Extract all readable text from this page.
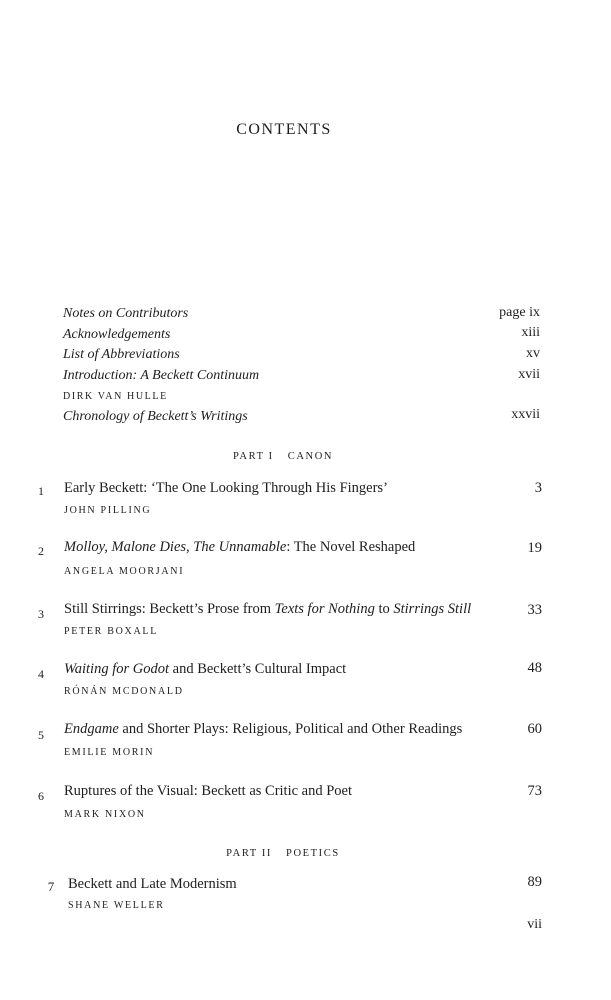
CONTENTS
Notes on Contributors	page ix
Acknowledgements	xiii
List of Abbreviations	xv
Introduction: A Beckett Continuum	xvii
DIRK VAN HULLE
Chronology of Beckett’s Writings	xxvii
PART I CANON
1	Early Beckett: ‘The One Looking Through His Fingers’	3
JOHN PILLING
2	Molloy, Malone Dies, The Unnamable: The Novel Reshaped	19
ANGELA MOORJANI
3	Still Stirrings: Beckett’s Prose from Texts for Nothing to Stirrings Still	33
PETER BOXALL
4	Waiting for Godot and Beckett’s Cultural Impact	48
RÓNÁN MCDONALD
5	Endgame and Shorter Plays: Religious, Political and Other Readings	60
EMILIE MORIN
6	Ruptures of the Visual: Beckett as Critic and Poet	73
MARK NIXON
PART II POETICS
7 Beckett and Late Modernism	89
SHANE WELLER
vii
